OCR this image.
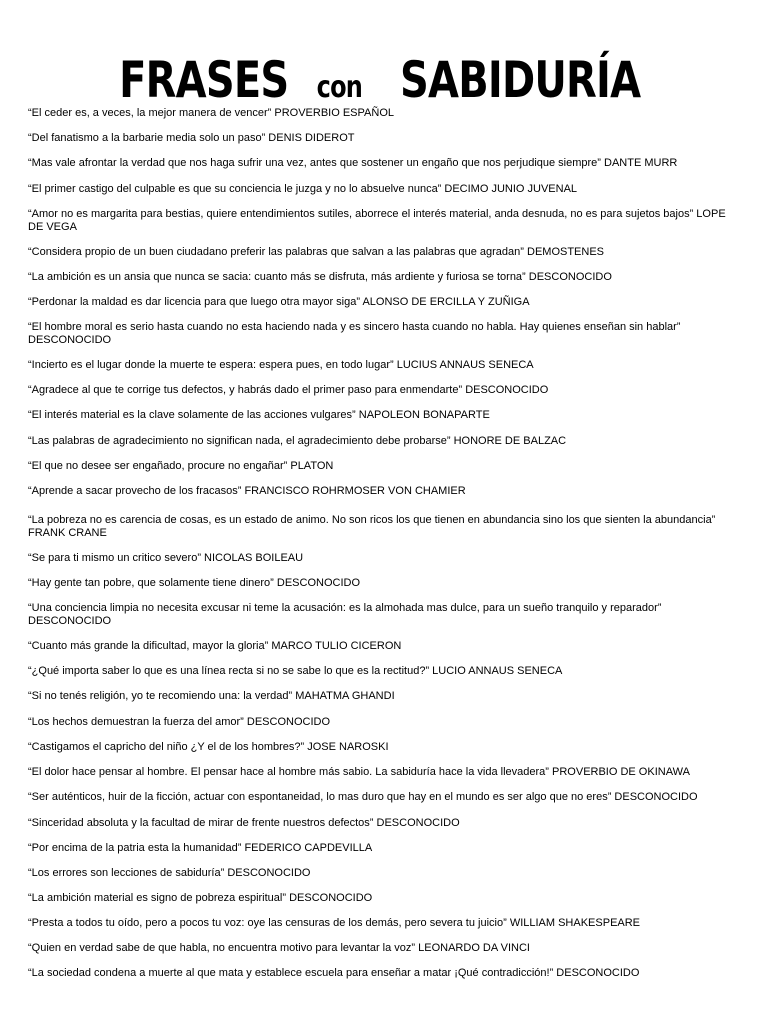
FRASES con SABIDURÍA
“El ceder es, a veces, la mejor manera de vencer” PROVERBIO ESPAÑOL
“Del fanatismo a la barbarie media solo un paso” DENIS DIDEROT
“Mas vale afrontar la verdad que nos haga sufrir una vez, antes que sostener un engaño que nos perjudique siempre” DANTE MURR
“El primer castigo del culpable es que su conciencia le juzga y no lo absuelve nunca” DECIMO JUNIO JUVENAL
“Amor no es margarita para bestias, quiere entendimientos sutiles, aborrece el interés material, anda desnuda, no es para sujetos bajos” LOPE DE VEGA
“Considera propio de un buen ciudadano preferir las palabras que salvan a las palabras que agradan” DEMOSTENES
“La ambición es un ansia que nunca se sacia: cuanto más se disfruta, más ardiente y furiosa se torna” DESCONOCIDO
“Perdonar la maldad es dar licencia para que luego otra mayor siga” ALONSO DE ERCILLA Y ZUÑIGA
“El hombre moral es serio hasta cuando no esta haciendo nada y es sincero hasta cuando no habla. Hay quienes enseñan sin hablar” DESCONOCIDO
“Incierto es el lugar donde la muerte te espera: espera pues, en todo lugar” LUCIUS ANNAUS SENECA
“Agradece al que te corrige tus defectos, y habrás dado el primer paso para enmendarte” DESCONOCIDO
“El interés material es la clave solamente de las acciones vulgares” NAPOLEON BONAPARTE
“Las palabras de agradecimiento no significan nada, el agradecimiento debe probarse” HONORE DE BALZAC
“El que no desee ser engañado, procure no engañar” PLATON
“Aprende a sacar provecho de los fracasos” FRANCISCO ROHRMOSER VON CHAMIER
“La pobreza no es carencia de cosas, es un estado de animo. No son ricos los que tienen en abundancia sino los que sienten la abundancia” FRANK CRANE
“Se para ti mismo un critico severo” NICOLAS BOILEAU
“Hay gente tan pobre, que solamente tiene dinero” DESCONOCIDO
“Una conciencia limpia no necesita excusar ni teme la acusación: es la almohada mas dulce, para un sueño tranquilo y reparador” DESCONOCIDO
“Cuanto más grande la dificultad, mayor la gloria” MARCO TULIO CICERON
“¿Qué importa saber lo que es una línea recta si no se sabe lo que es la rectitud?” LUCIO ANNAUS SENECA
“Si no tenés religión, yo te recomiendo una: la verdad” MAHATMA GHANDI
“Los hechos demuestran la fuerza del amor” DESCONOCIDO
“Castigamos el capricho del niño ¿Y el de los hombres?” JOSE NAROSKI
“El dolor hace pensar al hombre. El pensar hace al hombre más sabio. La sabiduría hace la vida llevadera” PROVERBIO DE OKINAWA
“Ser auténticos, huir de la ficción, actuar con espontaneidad, lo mas duro que hay en el mundo es ser algo que no eres” DESCONOCIDO
“Sinceridad absoluta y la facultad de mirar de frente nuestros defectos” DESCONOCIDO
“Por encima de la patria esta la humanidad” FEDERICO CAPDEVILLA
“Los errores son lecciones de sabiduría” DESCONOCIDO
“La ambición material es signo de pobreza espiritual” DESCONOCIDO
“Presta a todos tu oído, pero a pocos tu voz: oye las censuras de los demás, pero severa tu juicio” WILLIAM SHAKESPEARE
“Quien en verdad sabe de que habla, no encuentra motivo para levantar la voz” LEONARDO DA VINCI
“La sociedad condena a muerte al que mata y establece escuela para enseñar a matar ¡Qué contradicción!” DESCONOCIDO
